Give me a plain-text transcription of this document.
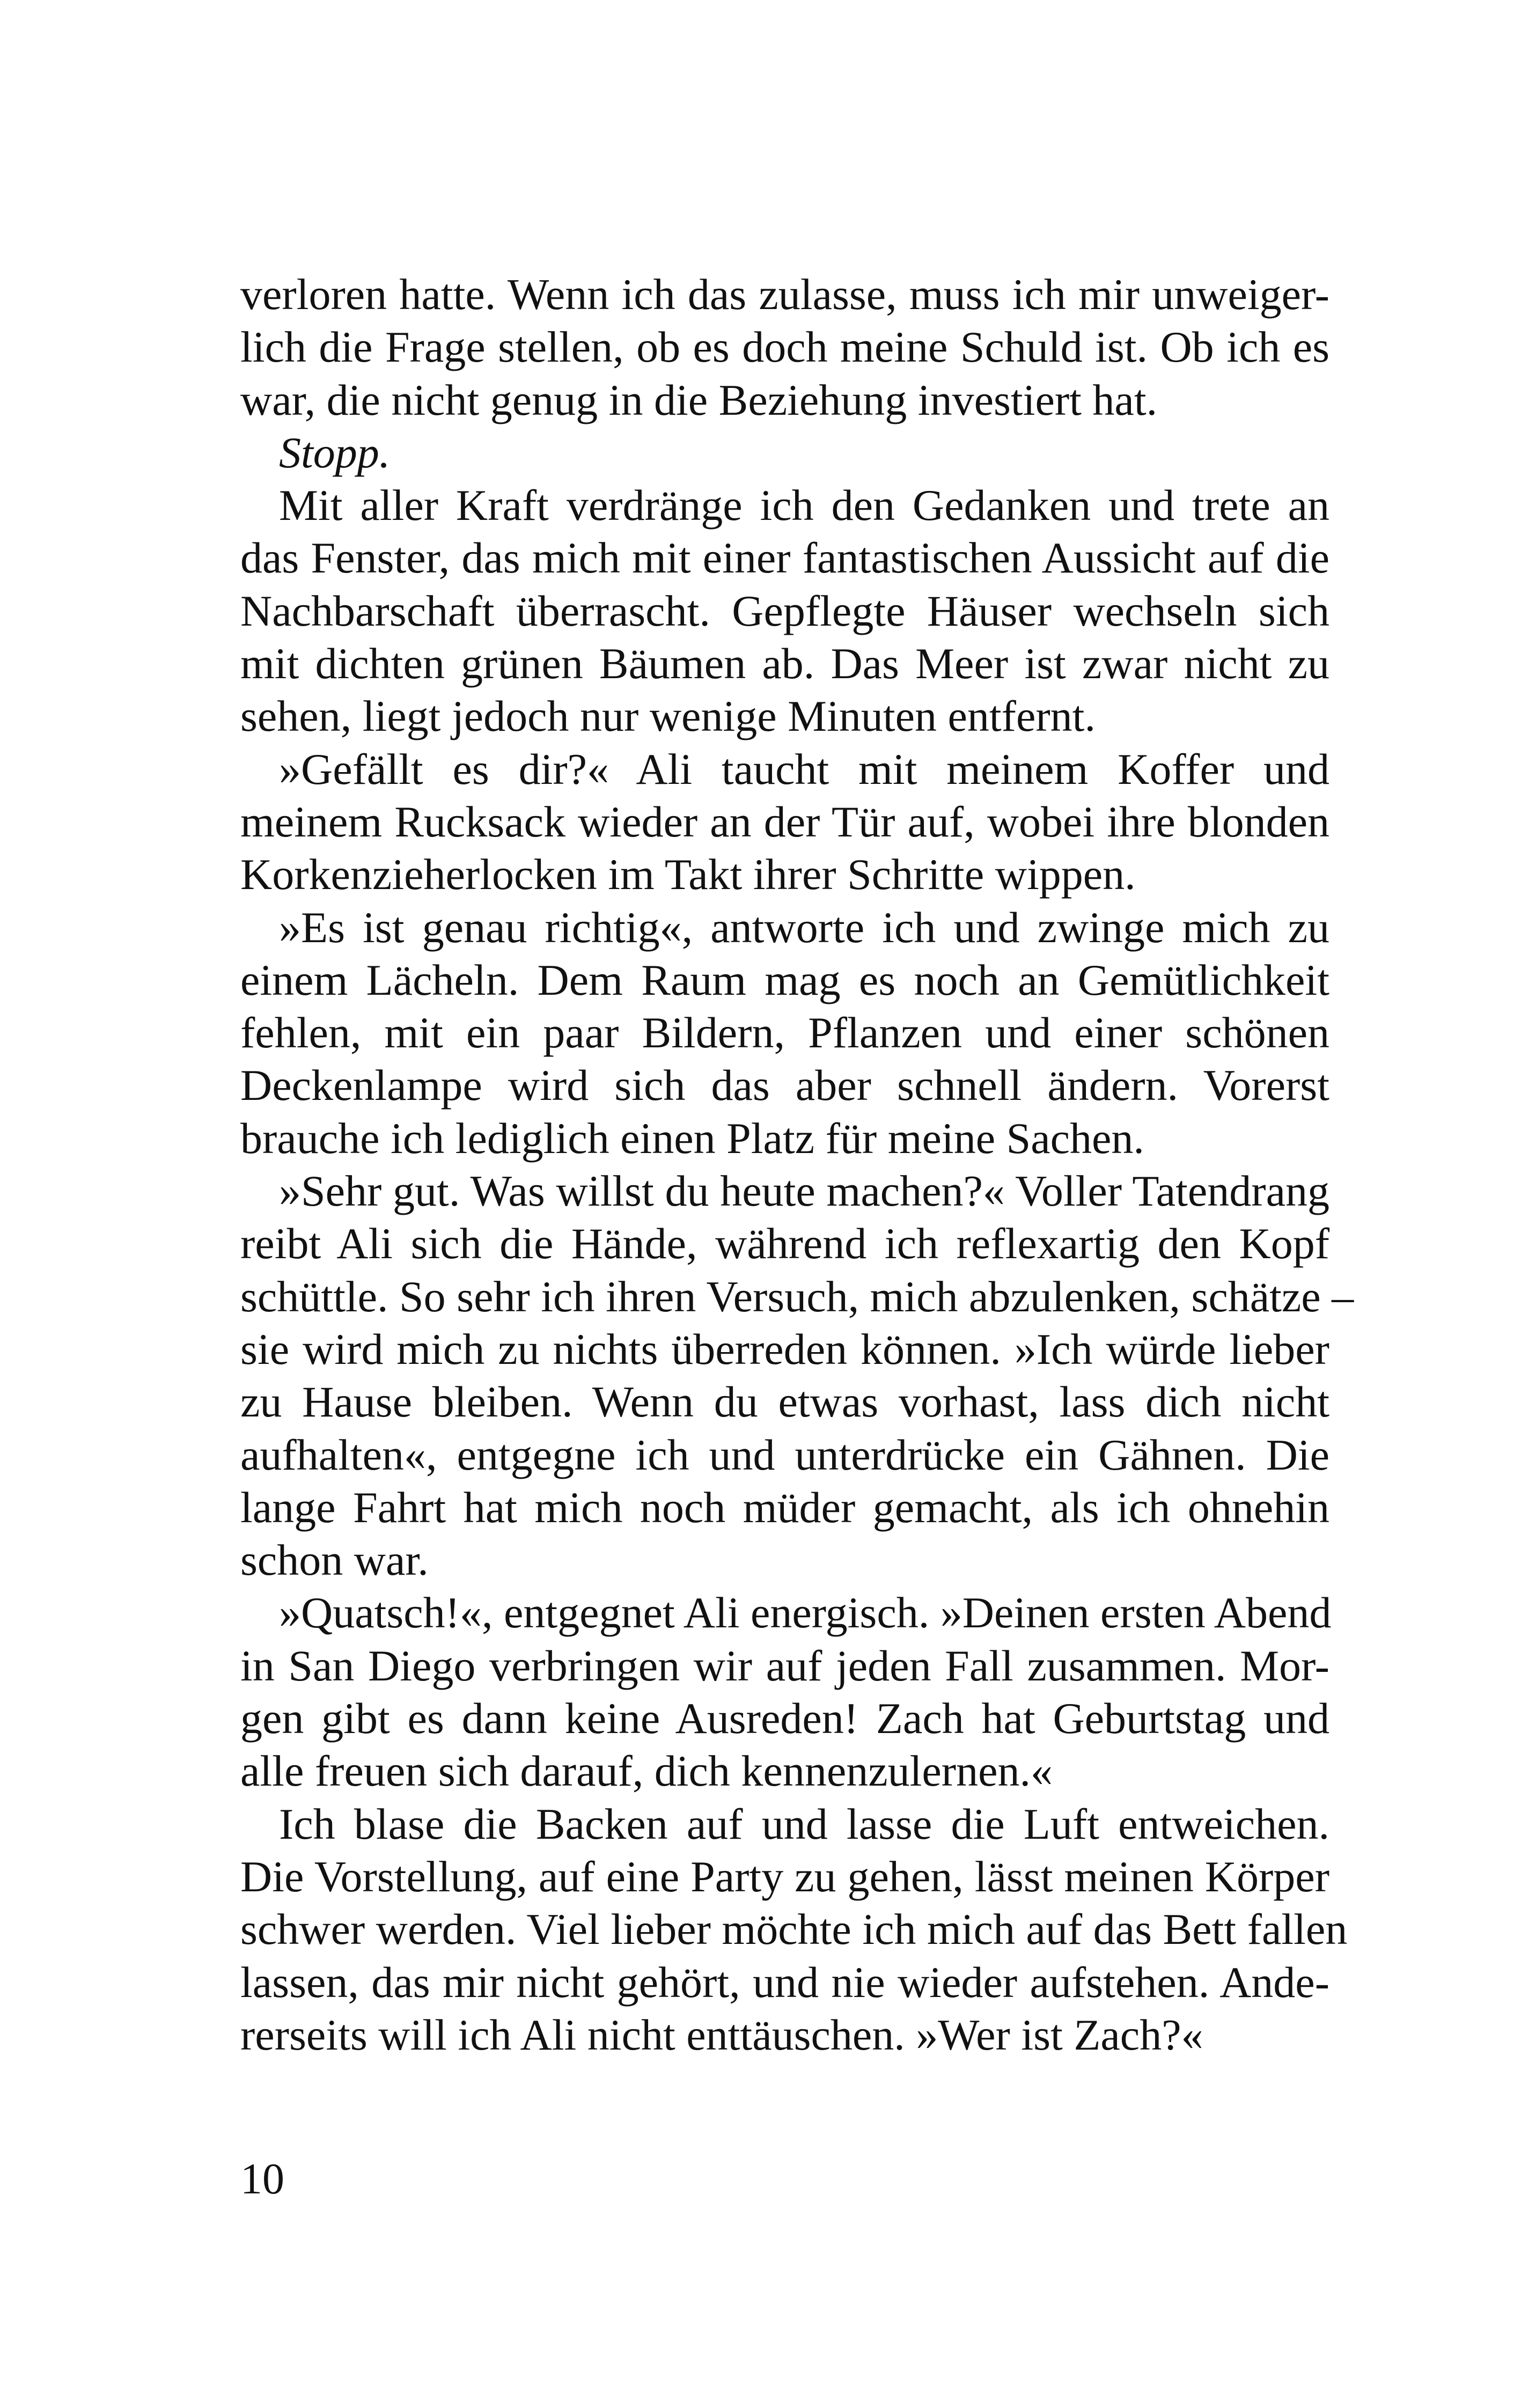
verloren hatte. Wenn ich das zulasse, muss ich mir unweiger-
lich die Frage stellen, ob es doch meine Schuld ist. Ob ich es
war, die nicht genug in die Beziehung investiert hat.
Stopp.
Mit aller Kraft verdränge ich den Gedanken und trete an
das Fenster, das mich mit einer fantastischen Aussicht auf die
Nachbarschaft überrascht. Gepflegte Häuser wechseln sich
mit dichten grünen Bäumen ab. Das Meer ist zwar nicht zu
sehen, liegt jedoch nur wenige Minuten entfernt.
»Gefällt es dir?« Ali taucht mit meinem Koffer und
meinem Rucksack wieder an der Tür auf, wobei ihre blonden
Korkenzieherlocken im Takt ihrer Schritte wippen.
»Es ist genau richtig«, antworte ich und zwinge mich zu
einem Lächeln. Dem Raum mag es noch an Gemütlichkeit
fehlen, mit ein paar Bildern, Pflanzen und einer schönen
Deckenlampe wird sich das aber schnell ändern. Vorerst
brauche ich lediglich einen Platz für meine Sachen.
»Sehr gut. Was willst du heute machen?« Voller Tatendrang
reibt Ali sich die Hände, während ich reflexartig den Kopf
schüttle. So sehr ich ihren Versuch, mich abzulenken, schätze –
sie wird mich zu nichts überreden können. »Ich würde lieber
zu Hause bleiben. Wenn du etwas vorhast, lass dich nicht
aufhalten«, entgegne ich und unterdrücke ein Gähnen. Die
lange Fahrt hat mich noch müder gemacht, als ich ohnehin
schon war.
»Quatsch!«, entgegnet Ali energisch. »Deinen ersten Abend
in San Diego verbringen wir auf jeden Fall zusammen. Mor-
gen gibt es dann keine Ausreden! Zach hat Geburtstag und
alle freuen sich darauf, dich kennenzulernen.«
Ich blase die Backen auf und lasse die Luft entweichen.
Die Vorstellung, auf eine Party zu gehen, lässt meinen Körper
schwer werden. Viel lieber möchte ich mich auf das Bett fallen
lassen, das mir nicht gehört, und nie wieder aufstehen. Ande-
rerseits will ich Ali nicht enttäuschen. »Wer ist Zach?«
10
